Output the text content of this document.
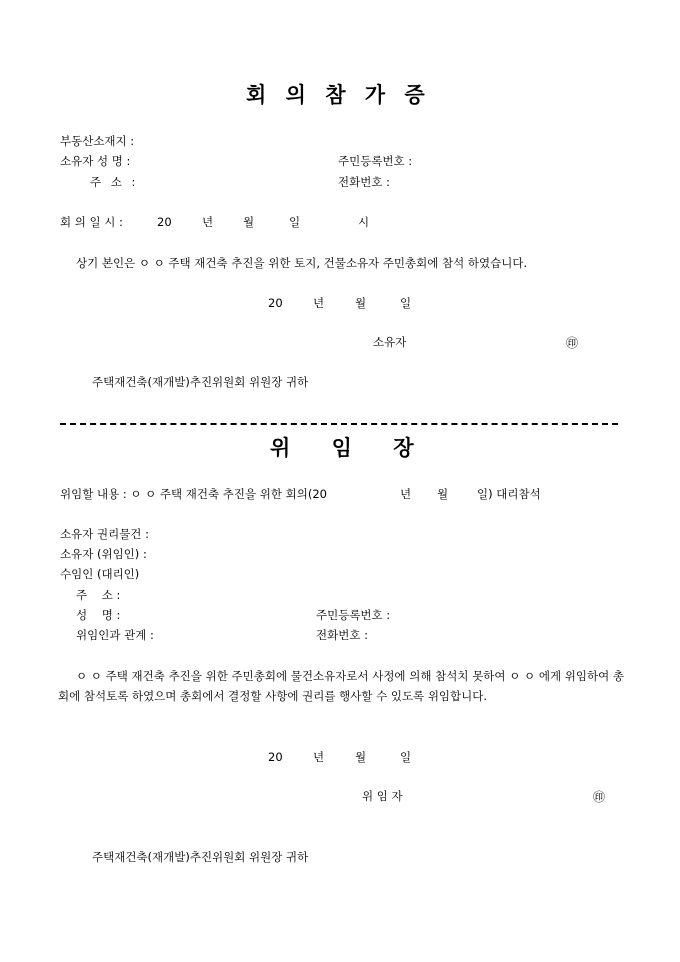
회 의 참 가 증
부동산소재지 :
소유자 성 명 :	주민등록번호 :
주 소 :	전화번호 :
회 의 일 시 :	20	년	월	일	시
상기 본인은 ㅇ ㅇ 주택 재건축 추진을 위한 토지, 건물소유자 주민총회에 참석 하였습니다.
20	년	월	일
소유자	㊞
주택재건축(재개발)추진위원회 위원장 귀하
위 임 장
위임할 내용 : ㅇ ㅇ 주택 재건축 추진을 위한 회의(20	년 월	일) 대리참석
소유자 권리물건 :
소유자 (위임인) :
수임인 (대리인)
주    소 :
성    명 :	주민등록번호 :
위임인과 관계 :	전화번호 :
ㅇ ㅇ 주택 재건축 추진을 위한 주민총회에 물건소유자로서 사정에 의해 참석치 못하여 ㅇ ㅇ 에게 위임하여 총회에 참석토록 하였으며 총회에서 결정할 사항에 권리를 행사할 수 있도록 위임합니다.
20	년	월	일
위 임 자	㊞
주택재건축(재개발)추진위원회 위원장 귀하
